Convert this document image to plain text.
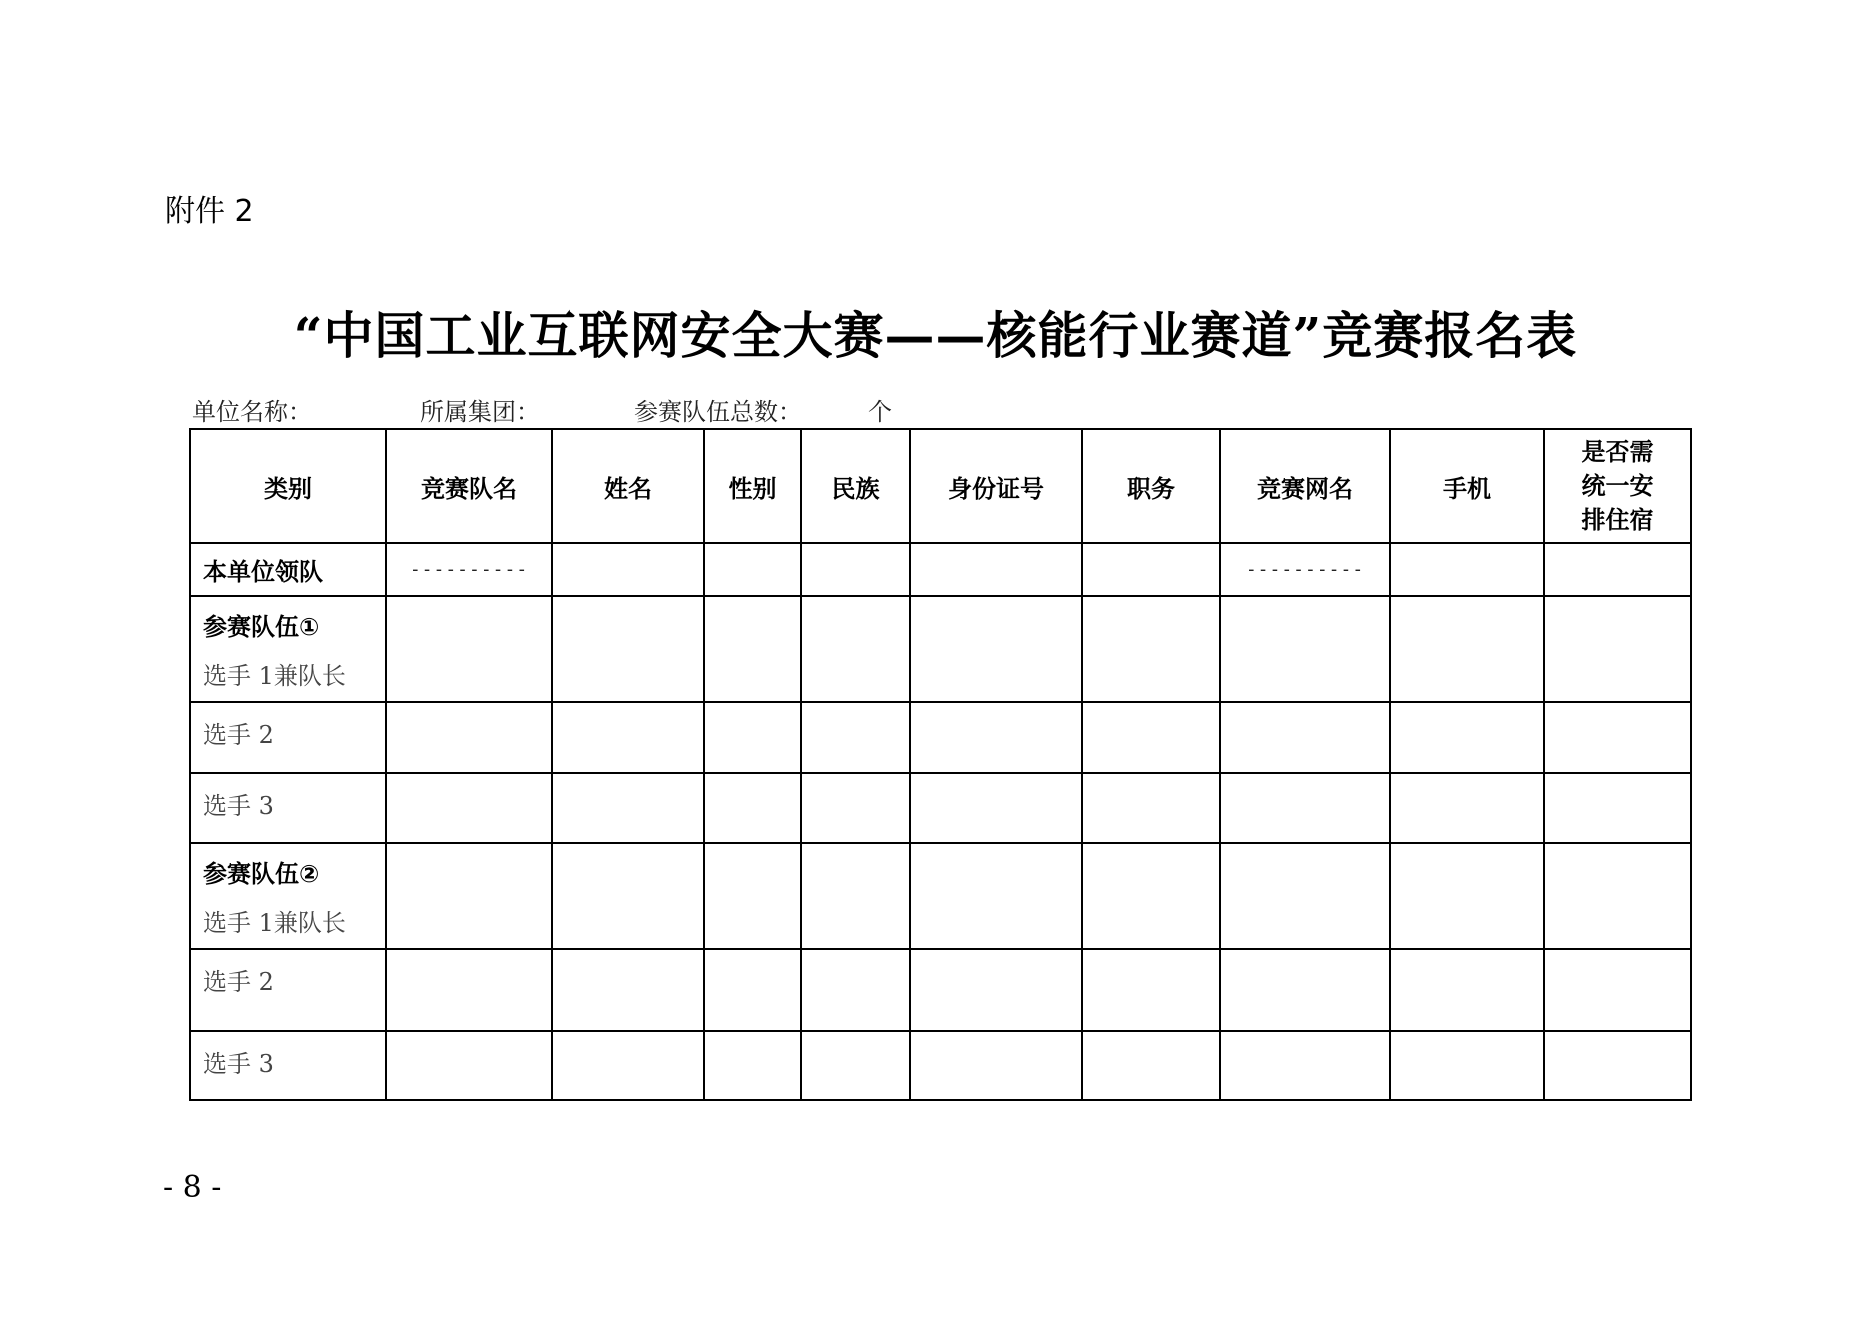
附件 2
“中国工业互联网安全大赛——核能行业赛道”竞赛报名表
单位名称：	所属集团：	参赛队伍总数：	个
类别	竞赛队名	姓名	性别	民族	身份证号	职务	竞赛网名	手机	是否需
统一安
排住宿

本单位领队	----------						----------		

参赛队伍①
选手 1兼队长									

选手 2									

选手 3									

参赛队伍②
选手 1兼队长									

选手 2									

选手 3									

- 8 -
